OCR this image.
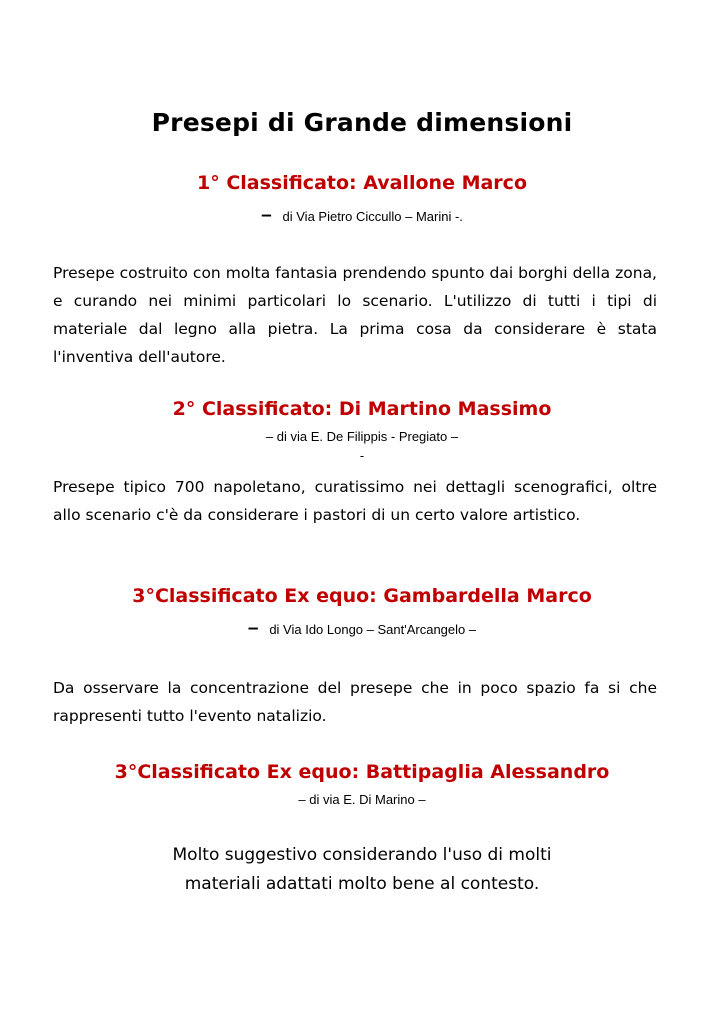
Presepi di Grande dimensioni
1° Classificato: Avallone Marco
– di Via Pietro Ciccullo – Marini -.
Presepe costruito con molta fantasia prendendo spunto dai borghi della zona, e curando nei minimi particolari lo scenario. L'utilizzo di tutti i tipi di materiale dal legno alla pietra. La prima cosa da considerare è stata l'inventiva dell'autore.
2° Classificato: Di Martino Massimo
– di via E. De Filippis - Pregiato –
-
Presepe tipico 700 napoletano, curatissimo nei dettagli scenografici, oltre allo scenario c'è da considerare i pastori di un certo valore artistico.
3°Classificato Ex equo: Gambardella Marco
– di Via Ido Longo – Sant'Arcangelo –
Da osservare la concentrazione del presepe che in poco spazio fa si che rappresenti tutto l'evento natalizio.
3°Classificato Ex equo: Battipaglia Alessandro
– di via E. Di Marino –
Molto suggestivo considerando l'uso di molti
materiali adattati molto bene al contesto.
